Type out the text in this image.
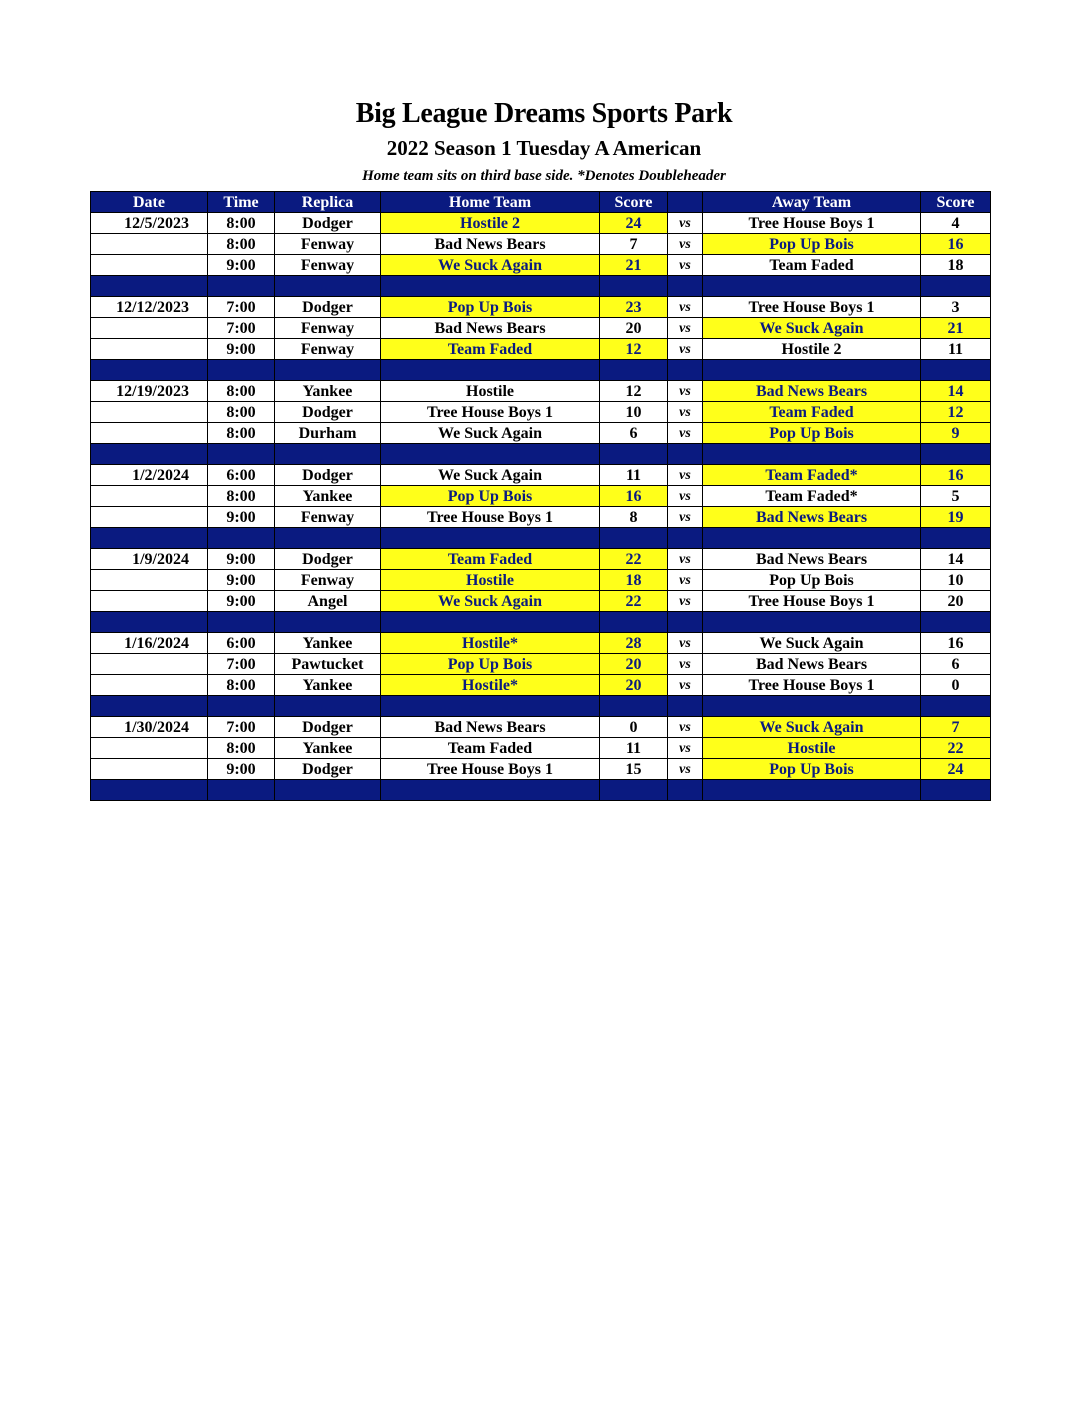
Big League Dreams Sports Park
2022 Season 1 Tuesday A American
Home team sits on third base side. *Denotes Doubleheader
Date	Time	Replica	Home Team	Score		Away Team	Score
12/5/2023	8:00	Dodger	Hostile 2	24	vs	Tree House Boys 1	4
	8:00	Fenway	Bad News Bears	7	vs	Pop Up Bois	16
	9:00	Fenway	We Suck Again	21	vs	Team Faded	18

12/12/2023	7:00	Dodger	Pop Up Bois	23	vs	Tree House Boys 1	3
	7:00	Fenway	Bad News Bears	20	vs	We Suck Again	21
	9:00	Fenway	Team Faded	12	vs	Hostile 2	11

12/19/2023	8:00	Yankee	Hostile	12	vs	Bad News Bears	14
	8:00	Dodger	Tree House Boys 1	10	vs	Team Faded	12
	8:00	Durham	We Suck Again	6	vs	Pop Up Bois	9

1/2/2024	6:00	Dodger	We Suck Again	11	vs	Team Faded*	16
	8:00	Yankee	Pop Up Bois	16	vs	Team Faded*	5
	9:00	Fenway	Tree House Boys 1	8	vs	Bad News Bears	19

1/9/2024	9:00	Dodger	Team Faded	22	vs	Bad News Bears	14
	9:00	Fenway	Hostile	18	vs	Pop Up Bois	10
	9:00	Angel	We Suck Again	22	vs	Tree House Boys 1	20

1/16/2024	6:00	Yankee	Hostile*	28	vs	We Suck Again	16
	7:00	Pawtucket	Pop Up Bois	20	vs	Bad News Bears	6
	8:00	Yankee	Hostile*	20	vs	Tree House Boys 1	0

1/30/2024	7:00	Dodger	Bad News Bears	0	vs	We Suck Again	7
	8:00	Yankee	Team Faded	11	vs	Hostile	22
	9:00	Dodger	Tree House Boys 1	15	vs	Pop Up Bois	24
